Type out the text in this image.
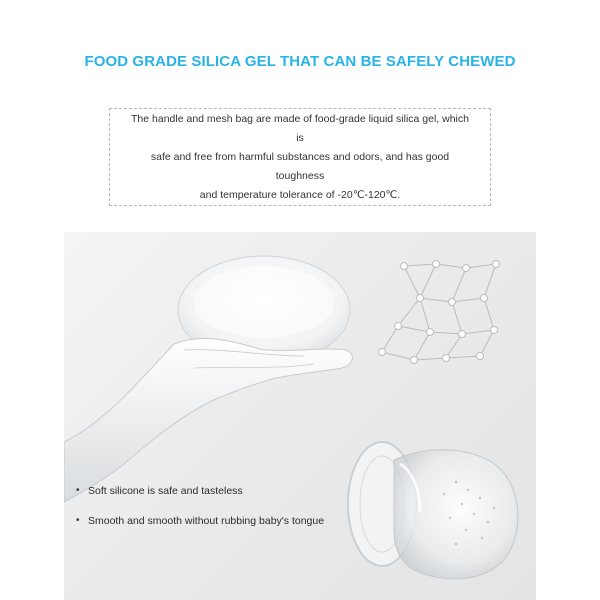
FOOD GRADE SILICA GEL THAT CAN BE SAFELY CHEWED

The handle and mesh bag are made of food-grade liquid silica gel, which is
safe and free from harmful substances and odors, and has good toughness
and temperature tolerance of -20℃-120℃.

• Soft silicone is safe and tasteless
• Smooth and smooth without rubbing baby's tongue
